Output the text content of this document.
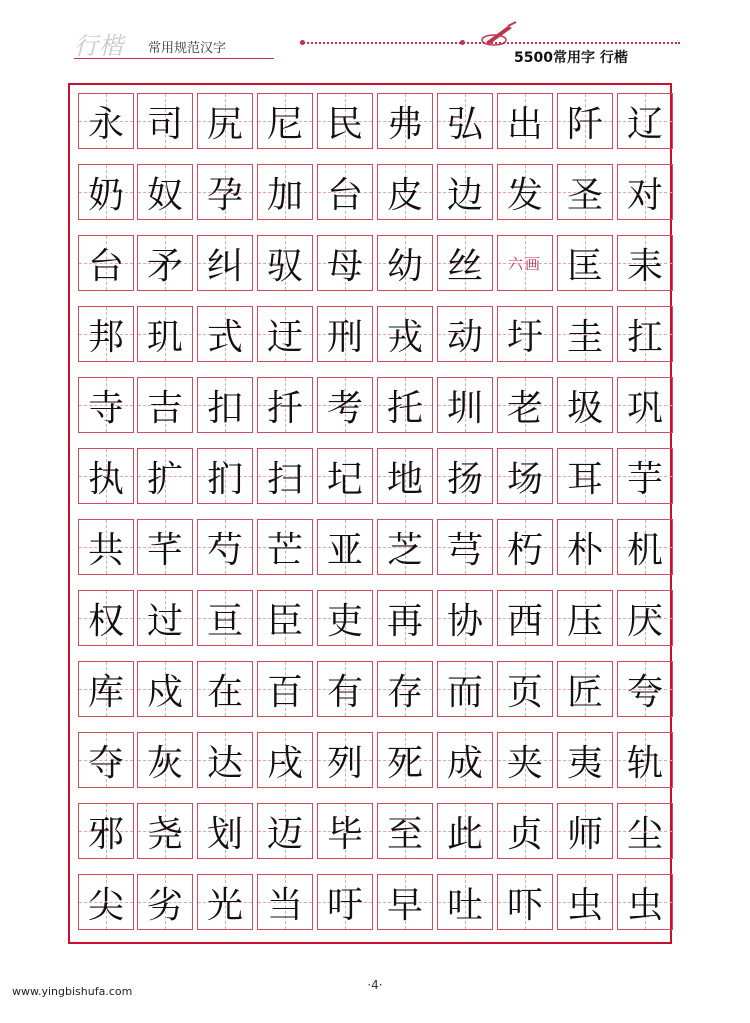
行楷 常用规范汉字
5500常用字 行楷
永 司 尻 尼 民 弗 弘 出 阡 辽
奶 奴 孕 加 台 皮 边 发 圣 对
台 矛 纠 驭 母 幼 丝 六画 匡 耒
邦 玑 式 迂 刑 戎 动 圩 圭 扛
寺 吉 扣 扦 考 托 圳 老 圾 巩
执 扩 扪 扫 圮 地 扬 场 耳 芋
共 芊 芍 芒 亚 芝 芎 朽 朴 机
权 过 亘 臣 吏 再 协 西 压 厌
库 戍 在 百 有 存 而 页 匠 夸
夺 灰 达 戌 列 死 成 夹 夷 轨
邪 尧 划 迈 毕 至 此 贞 师 尘
尖 劣 光 当 吁 早 吐 吓 虫 虫
·4·
www.yingbishufa.com
